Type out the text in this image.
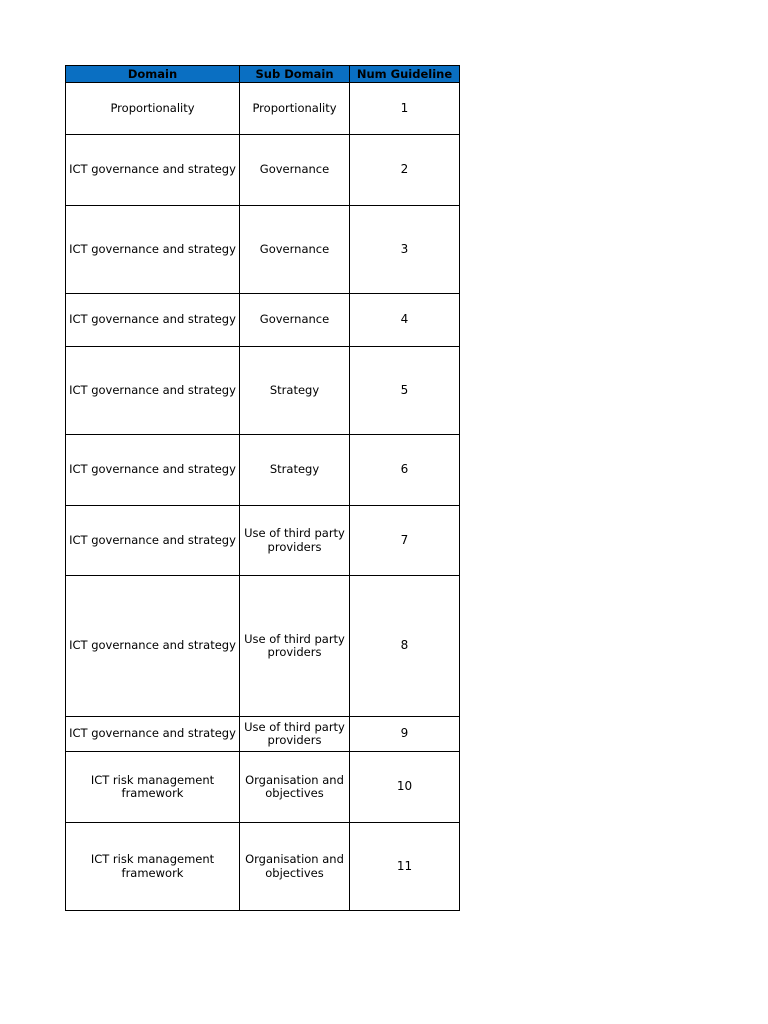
Domain	Sub Domain	Num Guideline
Proportionality	Proportionality	1
ICT governance and strategy	Governance	2
ICT governance and strategy	Governance	3
ICT governance and strategy	Governance	4
ICT governance and strategy	Strategy	5
ICT governance and strategy	Strategy	6
ICT governance and strategy	Use of third party providers	7
ICT governance and strategy	Use of third party providers	8
ICT governance and strategy	Use of third party providers	9
ICT risk management framework	Organisation and objectives	10
ICT risk management framework	Organisation and objectives	11
